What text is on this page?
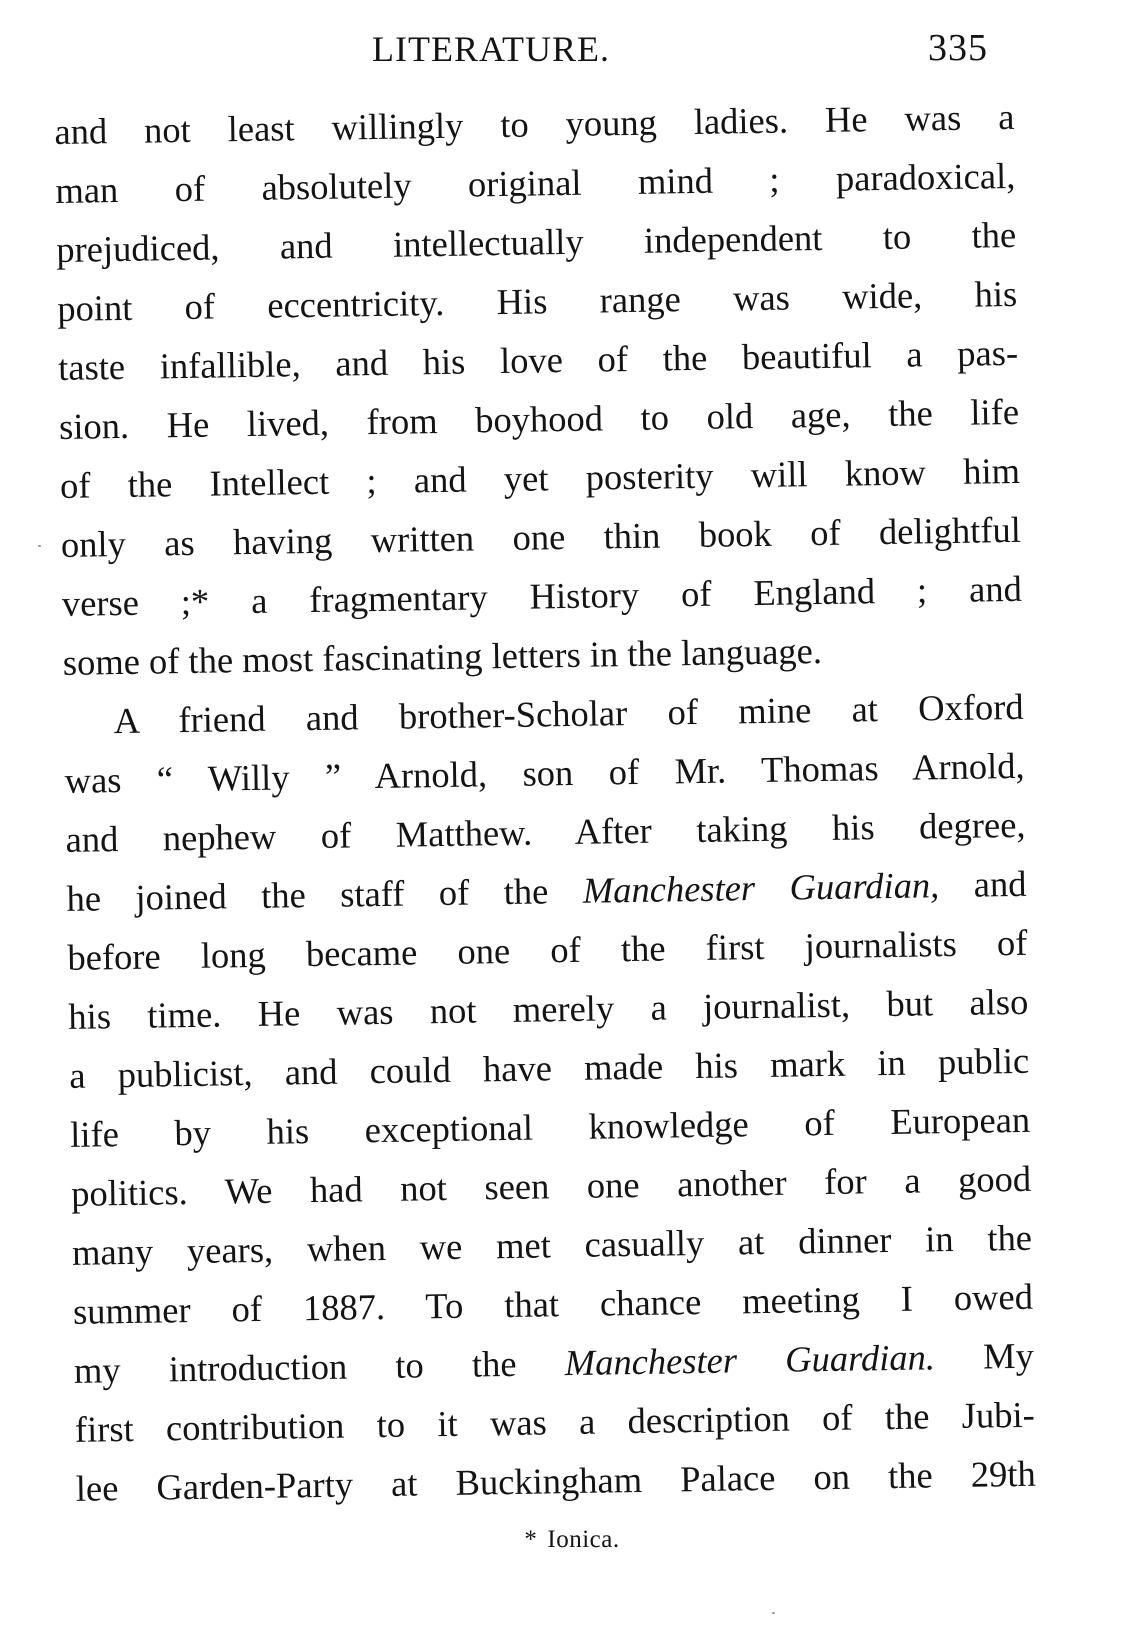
LITERATURE.	335
and not least willingly to young ladies. He was a
man of absolutely original mind ; paradoxical,
prejudiced, and intellectually independent to the
point of eccentricity. His range was wide, his
taste infallible, and his love of the beautiful a pas-
sion. He lived, from boyhood to old age, the life
of the Intellect ; and yet posterity will know him
only as having written one thin book of delightful
verse ;* a fragmentary History of England ; and
some of the most fascinating letters in the language.
A friend and brother-Scholar of mine at Oxford
was “ Willy ” Arnold, son of Mr. Thomas Arnold,
and nephew of Matthew. After taking his degree,
he joined the staff of the Manchester Guardian, and
before long became one of the first journalists of
his time. He was not merely a journalist, but also
a publicist, and could have made his mark in public
life by his exceptional knowledge of European
politics. We had not seen one another for a good
many years, when we met casually at dinner in the
summer of 1887. To that chance meeting I owed
my introduction to the Manchester Guardian. My
first contribution to it was a description of the Jubi-
lee Garden-Party at Buckingham Palace on the 29th
* Ionica.
